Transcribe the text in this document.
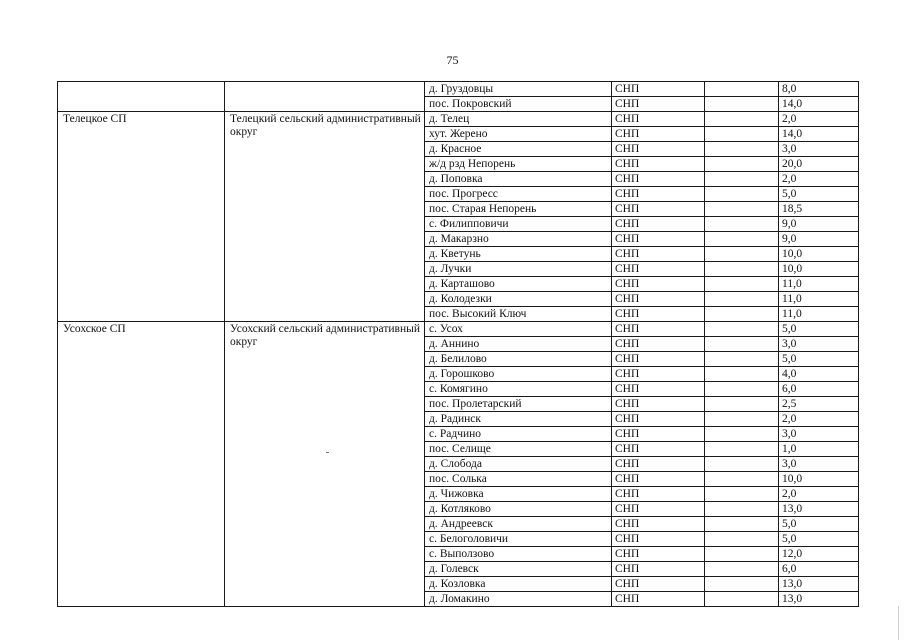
75
		д. Груздовцы	СНП		8,0
		пос. Покровский	СНП		14,0
Телецкое СП	Телецкий сельский административный округ	д. Телец	СНП		2,0
		хут. Жерено	СНП		14,0
		д. Красное	СНП		3,0
		ж/д рзд Непорень	СНП		20,0
		д. Поповка	СНП		2,0
		пос. Прогресс	СНП		5,0
		пос. Старая Непорень	СНП		18,5
		с. Филипповичи	СНП		9,0
		д. Макарзно	СНП		9,0
		д. Кветунь	СНП		10,0
		д. Лучки	СНП		10,0
		д. Карташово	СНП		11,0
		д. Колодезки	СНП		11,0
		пос. Высокий Ключ	СНП		11,0
Усохское СП	Усохский сельский административный округ	с. Усох	СНП		5,0
		д. Аннино	СНП		3,0
		д. Белилово	СНП		5,0
		д. Горошково	СНП		4,0
		с. Комягино	СНП		6,0
		пос. Пролетарский	СНП		2,5
		д. Радинск	СНП		2,0
		с. Радчино	СНП		3,0
		пос. Селище	СНП		1,0
		д. Слобода	СНП		3,0
		пос. Солька	СНП		10,0
		д. Чижовка	СНП		2,0
		д. Котляково	СНП		13,0
		д. Андреевск	СНП		5,0
		с. Белоголовичи	СНП		5,0
		с. Выползово	СНП		12,0
		д. Голевск	СНП		6,0
		д. Козловка	СНП		13,0
		д. Ломакино	СНП		13,0
